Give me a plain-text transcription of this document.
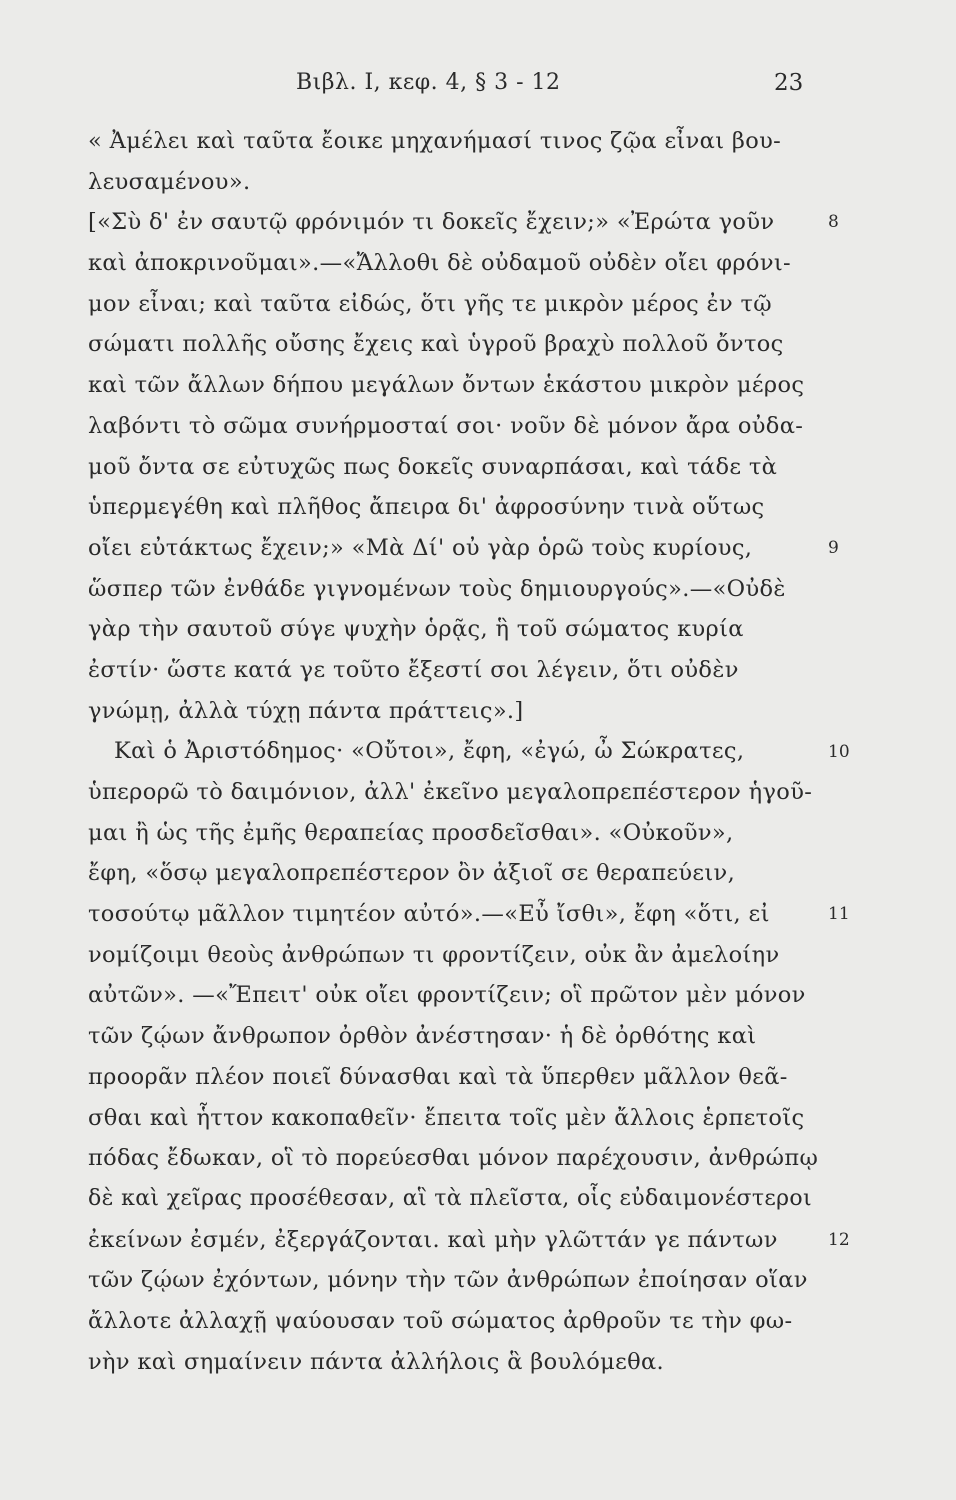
Βιβλ. Ι, κεφ. 4, § 3 - 12	23
« Ἀμέλει καὶ ταῦτα ἔοικε μηχανήμασί τινος ζῷα εἶναι βου-
λευσαμένου».
[«Σὺ δ' ἐν σαυτῷ φρόνιμόν τι δοκεῖς ἔχειν;» «Ἐρώτα γοῦν
καὶ ἀποκρινοῦμαι».—«Ἄλλοθι δὲ οὐδαμοῦ οὐδὲν οἴει φρόνι-
μον εἶναι; καὶ ταῦτα εἰδώς, ὅτι γῆς τε μικρὸν μέρος ἐν τῷ
σώματι πολλῆς οὔσης ἔχεις καὶ ὑγροῦ βραχὺ πολλοῦ ὄντος
καὶ τῶν ἄλλων δήπου μεγάλων ὄντων ἑκάστου μικρὸν μέρος
λαβόντι τὸ σῶμα συνήρμοσταί σοι· νοῦν δὲ μόνον ἄρα οὐδα-
μοῦ ὄντα σε εὐτυχῶς πως δοκεῖς συναρπάσαι, καὶ τάδε τὰ
ὑπερμεγέθη καὶ πλῆθος ἄπειρα δι' ἀφροσύνην τινὰ οὕτως
οἴει εὐτάκτως ἔχειν;» «Μὰ Δί' οὐ γὰρ ὁρῶ τοὺς κυρίους,
ὥσπερ τῶν ἐνθάδε γιγνομένων τοὺς δημιουργούς».—«Οὐδὲ
γὰρ τὴν σαυτοῦ σύγε ψυχὴν ὁρᾷς, ἣ τοῦ σώματος κυρία
ἐστίν· ὥστε κατά γε τοῦτο ἔξεστί σοι λέγειν, ὅτι οὐδὲν
γνώμῃ, ἀλλὰ τύχῃ πάντα πράττεις».]
Καὶ ὁ Ἀριστόδημος· «Οὔτοι», ἔφη, «ἐγώ, ὦ Σώκρατες,
ὑπερορῶ τὸ δαιμόνιον, ἀλλ' ἐκεῖνο μεγαλοπρεπέστερον ἡγοῦ-
μαι ἢ ὡς τῆς ἐμῆς θεραπείας προσδεῖσθαι». «Οὐκοῦν»,
ἔφη, «ὅσῳ μεγαλοπρεπέστερον ὂν ἀξιοῖ σε θεραπεύειν,
τοσούτῳ μᾶλλον τιμητέον αὐτό».—«Εὖ ἴσθι», ἔφη «ὅτι, εἰ
νομίζοιμι θεοὺς ἀνθρώπων τι φροντίζειν, οὐκ ἂν ἀμελοίην
αὐτῶν». —«Ἔπειτ' οὐκ οἴει φροντίζειν; οἳ πρῶτον μὲν μόνον
τῶν ζῴων ἄνθρωπον ὀρθὸν ἀνέστησαν· ἡ δὲ ὀρθότης καὶ
προορᾶν πλέον ποιεῖ δύνασθαι καὶ τὰ ὕπερθεν μᾶλλον θεᾶ-
σθαι καὶ ἧττον κακοπαθεῖν· ἔπειτα τοῖς μὲν ἄλλοις ἑρπετοῖς
πόδας ἔδωκαν, οἳ τὸ πορεύεσθαι μόνον παρέχουσιν, ἀνθρώπῳ
δὲ καὶ χεῖρας προσέθεσαν, αἳ τὰ πλεῖστα, οἷς εὐδαιμονέστεροι
ἐκείνων ἐσμέν, ἐξεργάζονται. καὶ μὴν γλῶττάν γε πάντων
τῶν ζῴων ἐχόντων, μόνην τὴν τῶν ἀνθρώπων ἐποίησαν οἵαν
ἄλλοτε ἀλλαχῇ ψαύουσαν τοῦ σώματος ἀρθροῦν τε τὴν φω-
νὴν καὶ σημαίνειν πάντα ἀλλήλοις ἃ βουλόμεθα.
8
9
10
11
12
